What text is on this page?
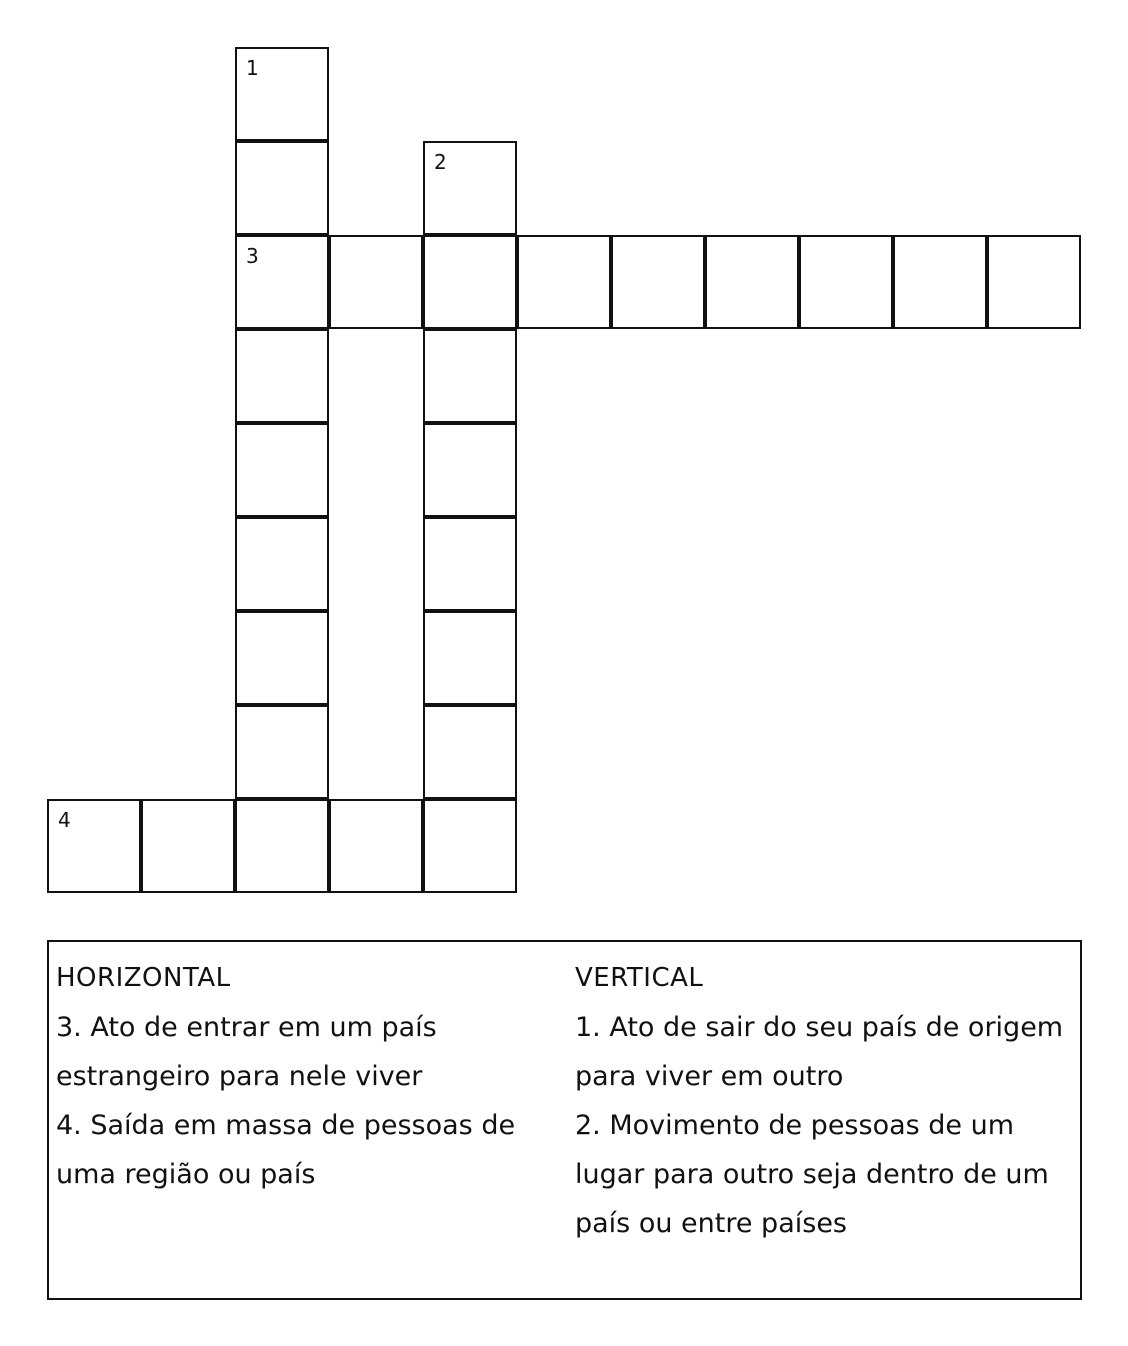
1
2
3
4
HORIZONTAL

3. Ato de entrar em um país estrangeiro para nele viver

4. Saída em massa de pessoas de uma região ou país

VERTICAL

1. Ato de sair do seu país de origem para viver em outro

2. Movimento de pessoas de um lugar para outro seja dentro de um país ou entre países
